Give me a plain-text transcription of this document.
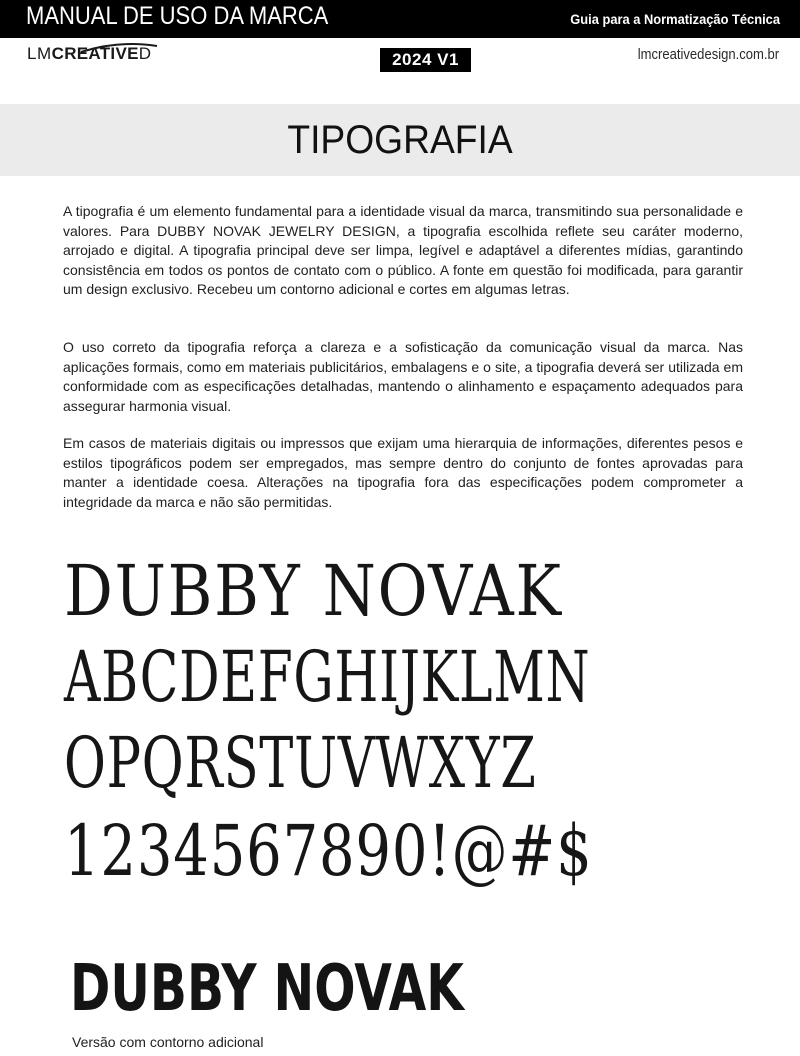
MANUAL DE USO DA MARCA	Guia para a Normatização Técnica
LMCREATIVED	2024 V1	lmcreativedesign.com.br
TIPOGRAFIA

A tipografia é um elemento fundamental para a identidade visual da marca, transmitindo sua personalidade e valores. Para DUBBY NOVAK JEWELRY DESIGN, a tipografia escolhida reflete seu caráter moderno, arrojado e digital. A tipografia principal deve ser limpa, legível e adaptável a diferentes mídias, garantindo consistência em todos os pontos de contato com o público. A fonte em questão foi modificada, para garantir um design exclusivo. Recebeu um contorno adicional e cortes em algumas letras.

O uso correto da tipografia reforça a clareza e a sofisticação da comunicação visual da marca. Nas aplicações formais, como em materiais publicitários, embalagens e o site, a tipografia deverá ser utilizada em conformidade com as especificações detalhadas, mantendo o alinhamento e espaçamento adequados para assegurar harmonia visual.

Em casos de materiais digitais ou impressos que exijam uma hierarquia de informações, diferentes pesos e estilos tipográficos podem ser empregados, mas sempre dentro do conjunto de fontes aprovadas para manter a identidade coesa. Alterações na tipografia fora das especificações podem comprometer a integridade da marca e não são permitidas.

DUBBY NOVAK
ABCDEFGHIJKLMN
OPQRSTUVWXYZ
1234567890!@#$
DUBBY NOVAK
Versão com contorno adicional
